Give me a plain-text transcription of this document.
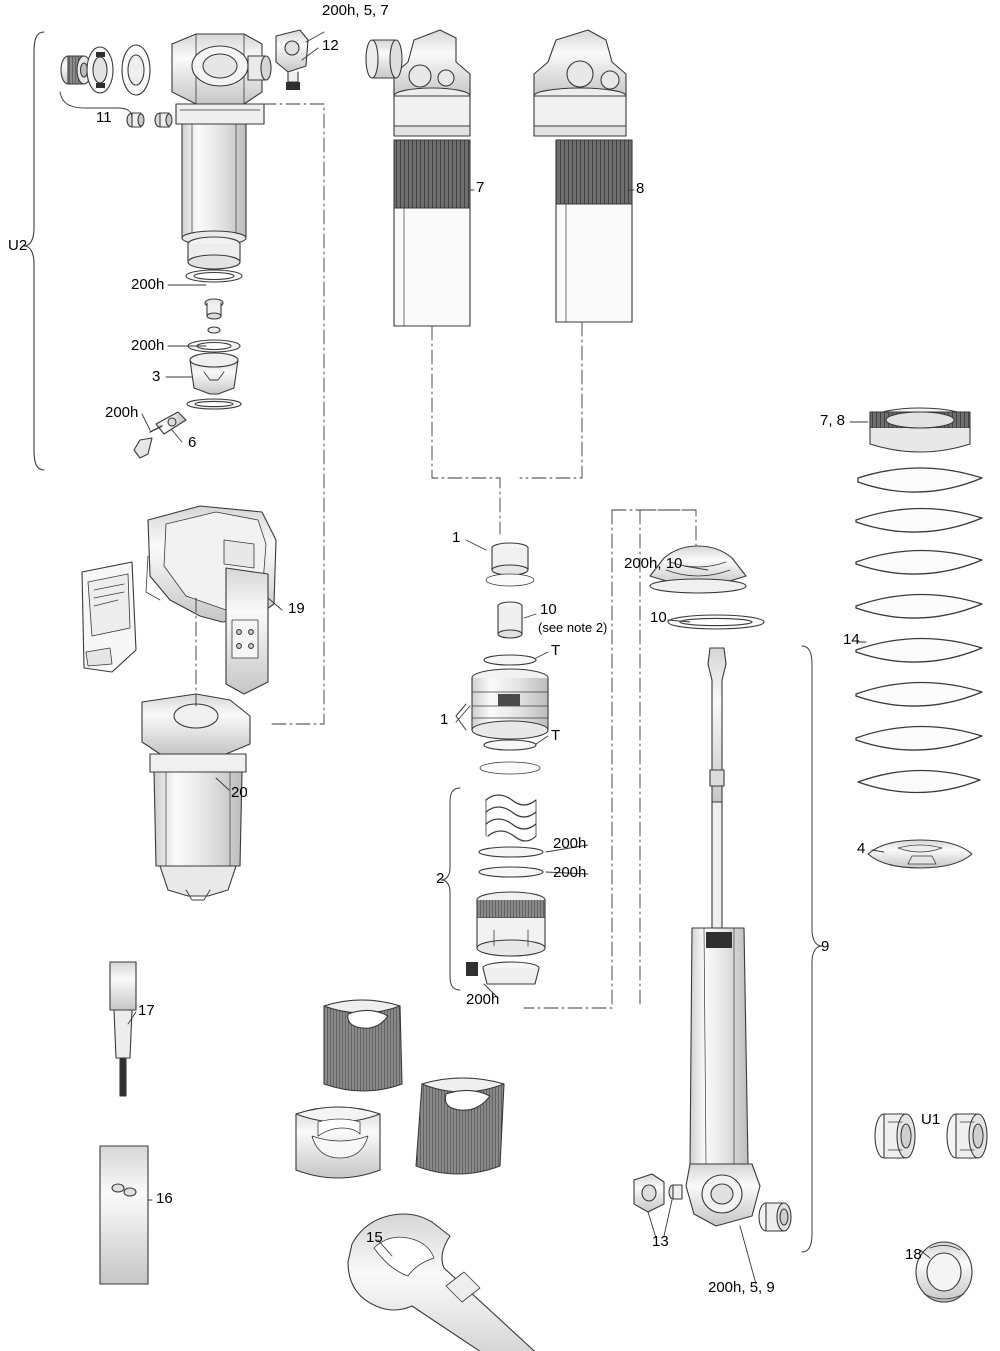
U2
11
12
200h, 5, 7
7	8
200h
200h
3
200h
6
19
20
1
10
(see note 2)
T
1
T
2
200h
200h
200h
200h, 10
10
7, 8
14
4
9
17
16
15	13
200h, 5, 9
U1
18
